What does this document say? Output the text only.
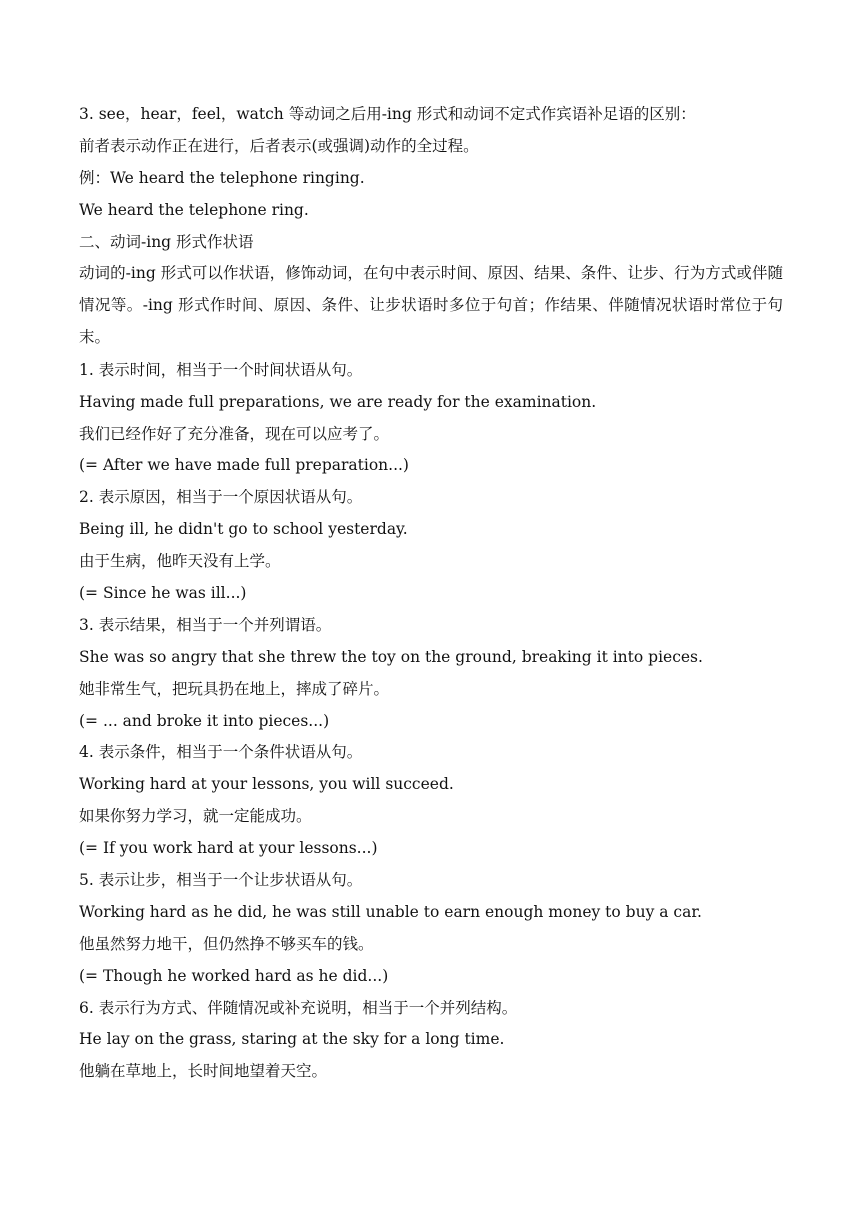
3. see，hear，feel，watch 等动词之后用-ing 形式和动词不定式作宾语补足语的区别：

前者表示动作正在进行，后者表示(或强调)动作的全过程。

例：We heard the telephone ringing.

We heard the telephone ring.

二、动词-ing 形式作状语

动词的-ing 形式可以作状语，修饰动词，在句中表示时间、原因、结果、条件、让步、行为方式或伴随情况等。-ing 形式作时间、原因、条件、让步状语时多位于句首；作结果、伴随情况状语时常位于句末。

1. 表示时间，相当于一个时间状语从句。

Having made full preparations, we are ready for the examination.

我们已经作好了充分准备，现在可以应考了。

(= After we have made full preparation...)

2. 表示原因，相当于一个原因状语从句。

Being ill, he didn't go to school yesterday.

由于生病，他昨天没有上学。

(= Since he was ill...)

3. 表示结果，相当于一个并列谓语。

She was so angry that she threw the toy on the ground, breaking it into pieces.

她非常生气，把玩具扔在地上，摔成了碎片。

(= ... and broke it into pieces...)

4. 表示条件，相当于一个条件状语从句。

Working hard at your lessons, you will succeed.

如果你努力学习，就一定能成功。

(= If you work hard at your lessons...)

5. 表示让步，相当于一个让步状语从句。

Working hard as he did, he was still unable to earn enough money to buy a car.

他虽然努力地干，但仍然挣不够买车的钱。

(= Though he worked hard as he did...)

6. 表示行为方式、伴随情况或补充说明，相当于一个并列结构。

He lay on the grass, staring at the sky for a long time.

他躺在草地上，长时间地望着天空。
